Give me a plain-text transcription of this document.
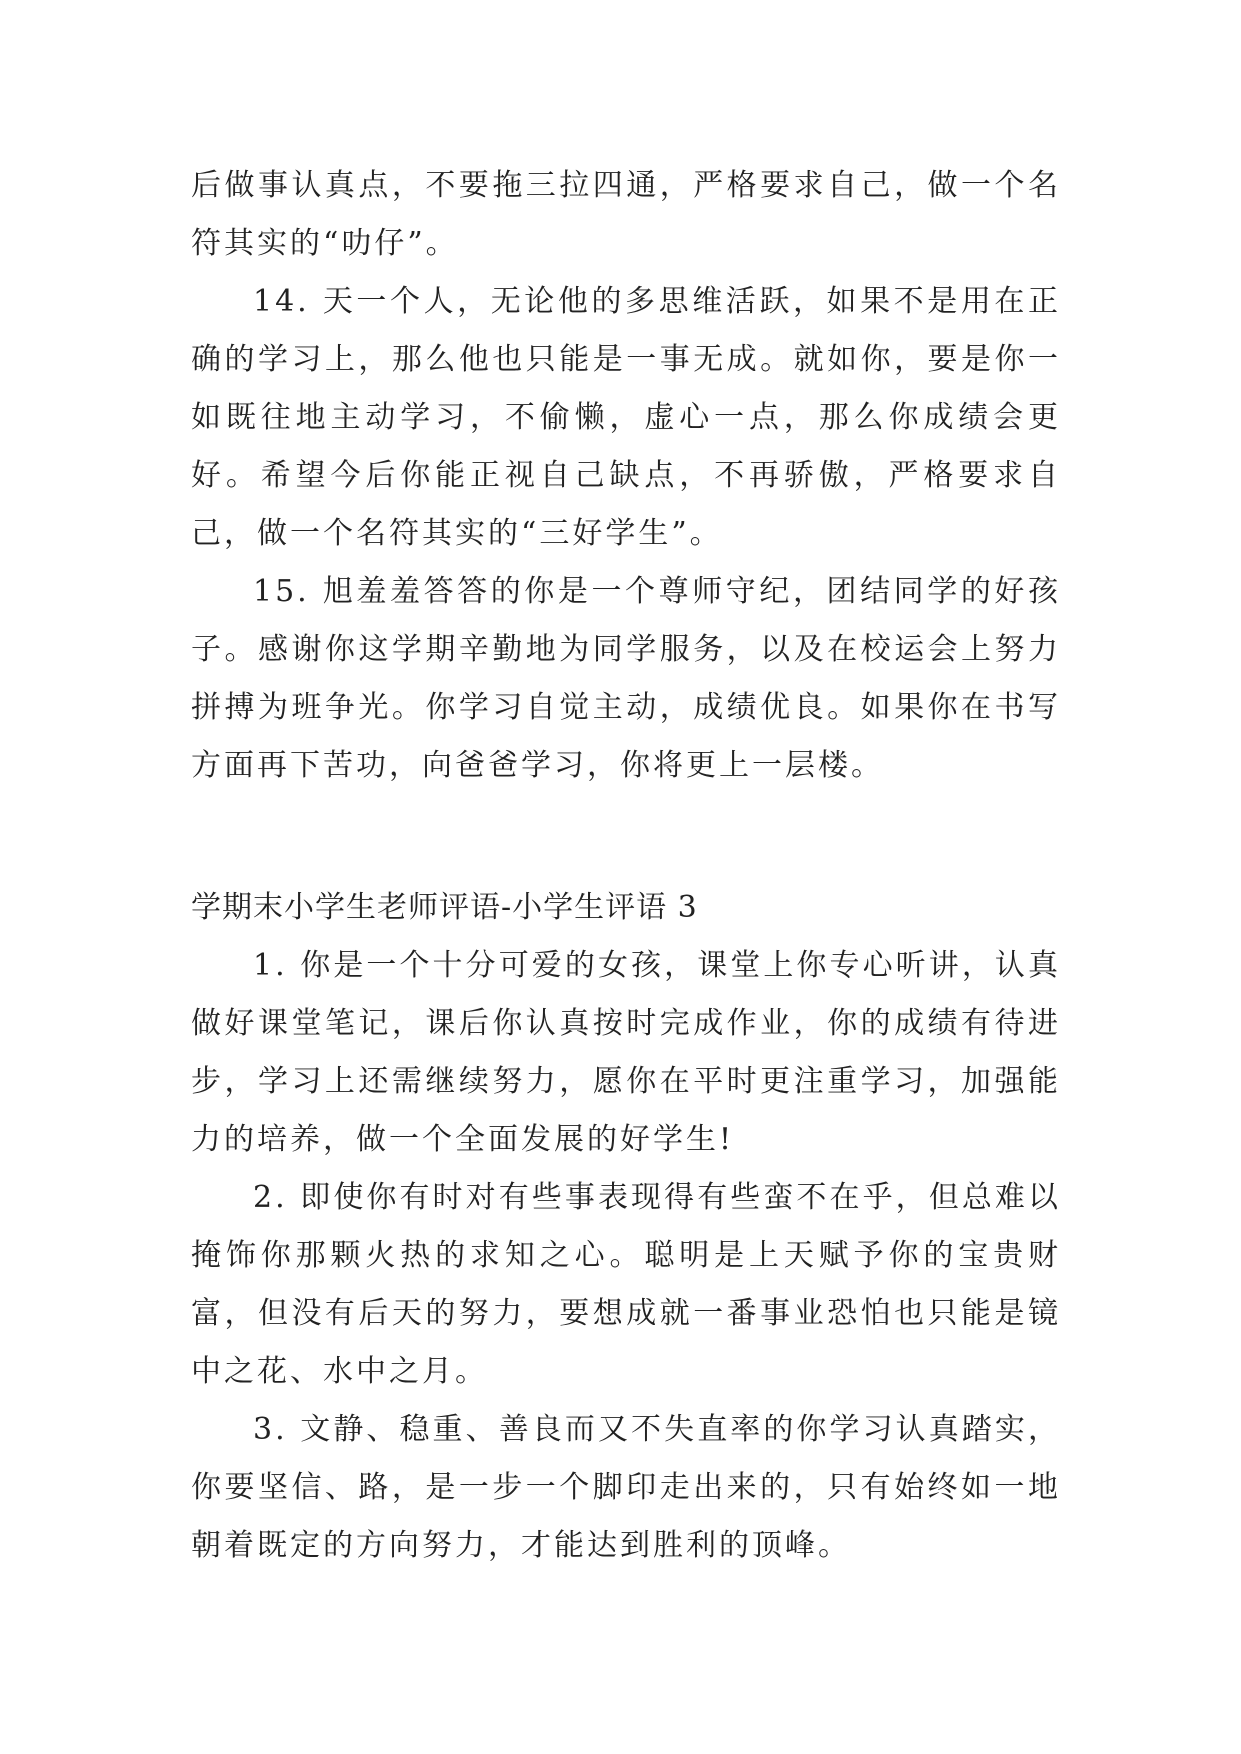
后做事认真点，不要拖三拉四通，严格要求自己，做一个名符其实的“叻仔”。

14. 天一个人，无论他的多思维活跃，如果不是用在正确的学习上，那么他也只能是一事无成。就如你，要是你一如既往地主动学习，不偷懒，虚心一点，那么你成绩会更好。希望今后你能正视自己缺点，不再骄傲，严格要求自己，做一个名符其实的“三好学生”。

15. 旭羞羞答答的你是一个尊师守纪，团结同学的好孩子。感谢你这学期辛勤地为同学服务，以及在校运会上努力拼搏为班争光。你学习自觉主动，成绩优良。如果你在书写方面再下苦功，向爸爸学习，你将更上一层楼。

学期末小学生老师评语-小学生评语 3

1. 你是一个十分可爱的女孩，课堂上你专心听讲，认真做好课堂笔记，课后你认真按时完成作业，你的成绩有待进步，学习上还需继续努力，愿你在平时更注重学习，加强能力的培养，做一个全面发展的好学生!

2. 即使你有时对有些事表现得有些蛮不在乎，但总难以掩饰你那颗火热的求知之心。聪明是上天赋予你的宝贵财富，但没有后天的努力，要想成就一番事业恐怕也只能是镜中之花、水中之月。

3. 文静、稳重、善良而又不失直率的你学习认真踏实，你要坚信、路，是一步一个脚印走出来的，只有始终如一地朝着既定的方向努力，才能达到胜利的顶峰。
